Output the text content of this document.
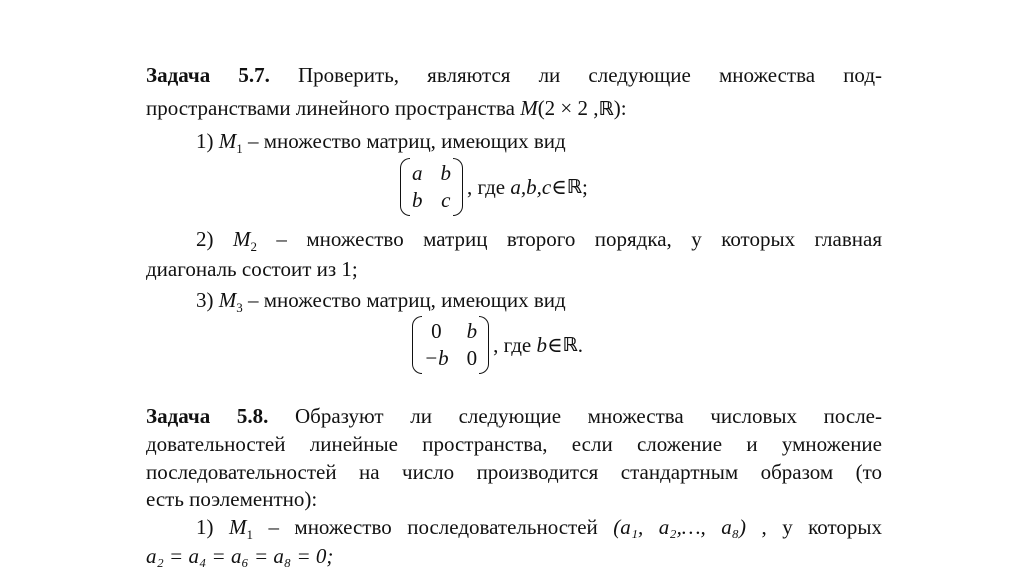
Задача 5.7. Проверить, являются ли следующие множества под-
пространствами линейного пространства M(2 × 2 ,ℝ):
1) $M_1$ – множество матриц, имеющих вид
a b
b c
, где
a,b,c ∈ ℝ ;
2) $M_2$ – множество матриц второго порядка, у которых главная
диагональ состоит из 1;
3) $M_3$ – множество матриц, имеющих вид
0	b
−b 0
, где
b ∈ ℝ .
Задача 5.8. Образуют ли следующие множества числовых после-
довательностей линейные пространства, если сложение и умножение
последовательностей на число производится стандартным образом (то
есть поэлементно):
1) $M_1$ – множество последовательностей (a₁, a₂,…, a₈) , у которых
a₂ = a₄ = a₆ = a₈ = 0;
